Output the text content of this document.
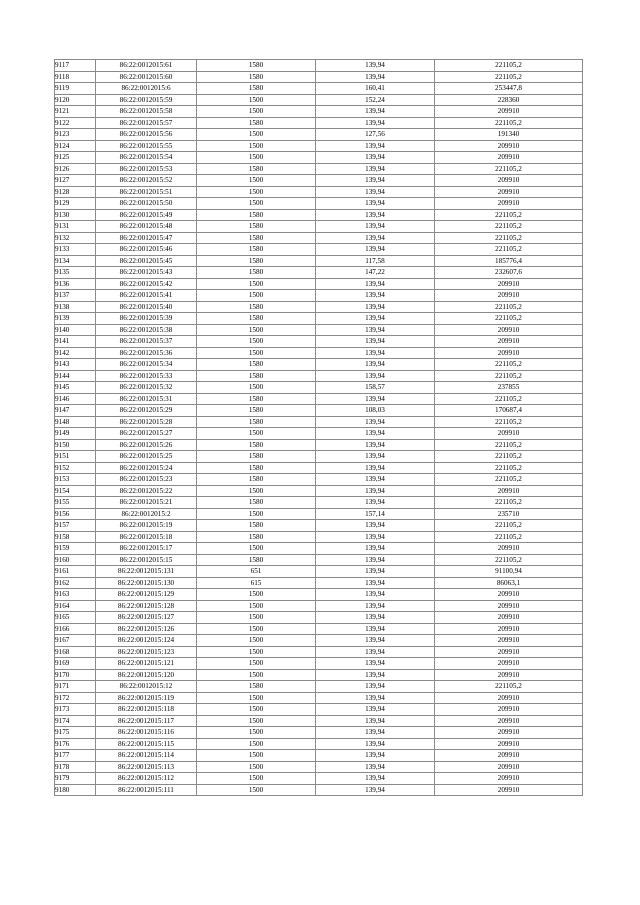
9117	86:22:0012015:61	1580	139,94	221105,2
9118	86:22:0012015:60	1580	139,94	221105,2
9119	86:22:0012015:6	1580	160,41	253447,8
9120	86:22:0012015:59	1500	152,24	228360
9121	86:22:0012015:58	1500	139,94	209910
9122	86:22:0012015:57	1580	139,94	221105,2
9123	86:22:0012015:56	1500	127,56	191340
9124	86:22:0012015:55	1500	139,94	209910
9125	86:22:0012015:54	1500	139,94	209910
9126	86:22:0012015:53	1580	139,94	221105,2
9127	86:22:0012015:52	1500	139,94	209910
9128	86:22:0012015:51	1500	139,94	209910
9129	86:22:0012015:50	1500	139,94	209910
9130	86:22:0012015:49	1580	139,94	221105,2
9131	86:22:0012015:48	1580	139,94	221105,2
9132	86:22:0012015:47	1580	139,94	221105,2
9133	86:22:0012015:46	1580	139,94	221105,2
9134	86:22:0012015:45	1580	117,58	185776,4
9135	86:22:0012015:43	1580	147,22	232607,6
9136	86:22:0012015:42	1500	139,94	209910
9137	86:22:0012015:41	1500	139,94	209910
9138	86:22:0012015:40	1580	139,94	221105,2
9139	86:22:0012015:39	1580	139,94	221105,2
9140	86:22:0012015:38	1500	139,94	209910
9141	86:22:0012015:37	1500	139,94	209910
9142	86:22:0012015:36	1500	139,94	209910
9143	86:22:0012015:34	1580	139,94	221105,2
9144	86:22:0012015:33	1580	139,94	221105,2
9145	86:22:0012015:32	1500	158,57	237855
9146	86:22:0012015:31	1580	139,94	221105,2
9147	86:22:0012015:29	1580	108,03	170687,4
9148	86:22:0012015:28	1580	139,94	221105,2
9149	86:22:0012015:27	1500	139,94	209910
9150	86:22:0012015:26	1580	139,94	221105,2
9151	86:22:0012015:25	1580	139,94	221105,2
9152	86:22:0012015:24	1580	139,94	221105,2
9153	86:22:0012015:23	1580	139,94	221105,2
9154	86:22:0012015:22	1500	139,94	209910
9155	86:22:0012015:21	1580	139,94	221105,2
9156	86:22:0012015:2	1500	157,14	235710
9157	86:22:0012015:19	1580	139,94	221105,2
9158	86:22:0012015:18	1580	139,94	221105,2
9159	86:22:0012015:17	1500	139,94	209910
9160	86:22:0012015:15	1580	139,94	221105,2
9161	86:22:0012015:131	651	139,94	91100,94
9162	86:22:0012015:130	615	139,94	86063,1
9163	86:22:0012015:129	1500	139,94	209910
9164	86:22:0012015:128	1500	139,94	209910
9165	86:22:0012015:127	1500	139,94	209910
9166	86:22:0012015:126	1500	139,94	209910
9167	86:22:0012015:124	1500	139,94	209910
9168	86:22:0012015:123	1500	139,94	209910
9169	86:22:0012015:121	1500	139,94	209910
9170	86:22:0012015:120	1500	139,94	209910
9171	86:22:0012015:12	1580	139,94	221105,2
9172	86:22:0012015:119	1500	139,94	209910
9173	86:22:0012015:118	1500	139,94	209910
9174	86:22:0012015:117	1500	139,94	209910
9175	86:22:0012015:116	1500	139,94	209910
9176	86:22:0012015:115	1500	139,94	209910
9177	86:22:0012015:114	1500	139,94	209910
9178	86:22:0012015:113	1500	139,94	209910
9179	86:22:0012015:112	1500	139,94	209910
9180	86:22:0012015:111	1500	139,94	209910
